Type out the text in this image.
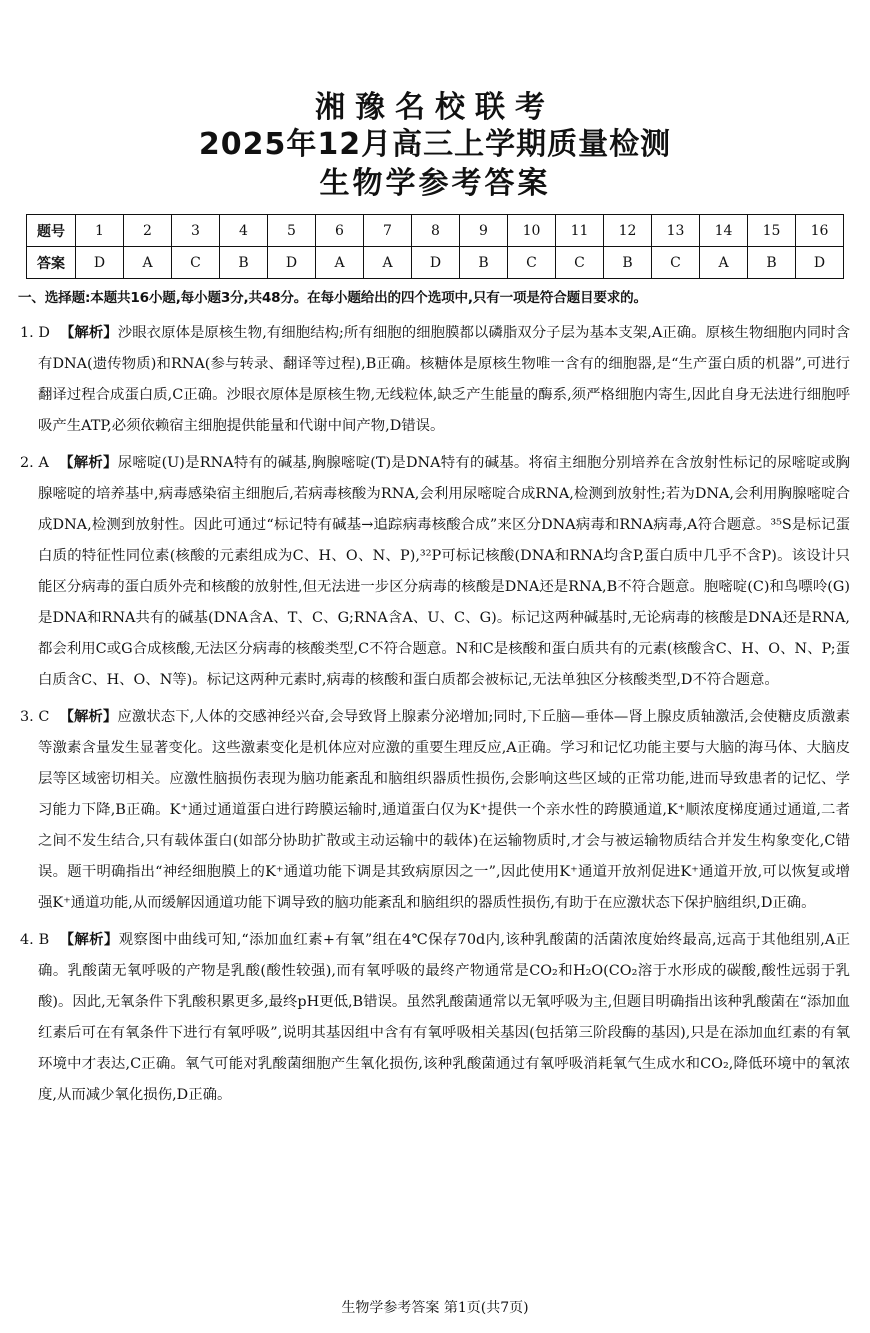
湘豫名校联考
2025年12月高三上学期质量检测
生物学参考答案
题号	1	2	3	4	5	6	7	8	9	10	11	12	13	14	15	16
答案	D	A	C	B	D	A	A	D	B	C	C	B	C	A	B	D
一、选择题:本题共16小题,每小题3分,共48分。在每小题给出的四个选项中,只有一项是符合题目要求的。

1. D 【解析】沙眼衣原体是原核生物,有细胞结构;所有细胞的细胞膜都以磷脂双分子层为基本支架,A正确。原核生物细胞内同时含有DNA(遗传物质)和RNA(参与转录、翻译等过程),B正确。核糖体是原核生物唯一含有的细胞器,是“生产蛋白质的机器”,可进行翻译过程合成蛋白质,C正确。沙眼衣原体是原核生物,无线粒体,缺乏产生能量的酶系,须严格细胞内寄生,因此自身无法进行细胞呼吸产生ATP,必须依赖宿主细胞提供能量和代谢中间产物,D错误。

2. A 【解析】尿嘧啶(U)是RNA特有的碱基,胸腺嘧啶(T)是DNA特有的碱基。将宿主细胞分别培养在含放射性标记的尿嘧啶或胸腺嘧啶的培养基中,病毒感染宿主细胞后,若病毒核酸为RNA,会利用尿嘧啶合成RNA,检测到放射性;若为DNA,会利用胸腺嘧啶合成DNA,检测到放射性。因此可通过“标记特有碱基→追踪病毒核酸合成”来区分DNA病毒和RNA病毒,A符合题意。³⁵S是标记蛋白质的特征性同位素(核酸的元素组成为C、H、O、N、P),³²P可标记核酸(DNA和RNA均含P,蛋白质中几乎不含P)。该设计只能区分病毒的蛋白质外壳和核酸的放射性,但无法进一步区分病毒的核酸是DNA还是RNA,B不符合题意。胞嘧啶(C)和鸟嘌呤(G)是DNA和RNA共有的碱基(DNA含A、T、C、G;RNA含A、U、C、G)。标记这两种碱基时,无论病毒的核酸是DNA还是RNA,都会利用C或G合成核酸,无法区分病毒的核酸类型,C不符合题意。N和C是核酸和蛋白质共有的元素(核酸含C、H、O、N、P;蛋白质含C、H、O、N等)。标记这两种元素时,病毒的核酸和蛋白质都会被标记,无法单独区分核酸类型,D不符合题意。

3. C 【解析】应激状态下,人体的交感神经兴奋,会导致肾上腺素分泌增加;同时,下丘脑—垂体—肾上腺皮质轴激活,会使糖皮质激素等激素含量发生显著变化。这些激素变化是机体应对应激的重要生理反应,A正确。学习和记忆功能主要与大脑的海马体、大脑皮层等区域密切相关。应激性脑损伤表现为脑功能紊乱和脑组织器质性损伤,会影响这些区域的正常功能,进而导致患者的记忆、学习能力下降,B正确。K⁺通过通道蛋白进行跨膜运输时,通道蛋白仅为K⁺提供一个亲水性的跨膜通道,K⁺顺浓度梯度通过通道,二者之间不发生结合,只有载体蛋白(如部分协助扩散或主动运输中的载体)在运输物质时,才会与被运输物质结合并发生构象变化,C错误。题干明确指出“神经细胞膜上的K⁺通道功能下调是其致病原因之一”,因此使用K⁺通道开放剂促进K⁺通道开放,可以恢复或增强K⁺通道功能,从而缓解因通道功能下调导致的脑功能紊乱和脑组织的器质性损伤,有助于在应激状态下保护脑组织,D正确。

4. B 【解析】观察图中曲线可知,“添加血红素+有氧”组在4℃保存70d内,该种乳酸菌的活菌浓度始终最高,远高于其他组别,A正确。乳酸菌无氧呼吸的产物是乳酸(酸性较强),而有氧呼吸的最终产物通常是CO₂和H₂O(CO₂溶于水形成的碳酸,酸性远弱于乳酸)。因此,无氧条件下乳酸积累更多,最终pH更低,B错误。虽然乳酸菌通常以无氧呼吸为主,但题目明确指出该种乳酸菌在“添加血红素后可在有氧条件下进行有氧呼吸”,说明其基因组中含有有氧呼吸相关基因(包括第三阶段酶的基因),只是在添加血红素的有氧环境中才表达,C正确。氧气可能对乳酸菌细胞产生氧化损伤,该种乳酸菌通过有氧呼吸消耗氧气生成水和CO₂,降低环境中的氧浓度,从而减少氧化损伤,D正确。

生物学参考答案 第1页(共7页)
